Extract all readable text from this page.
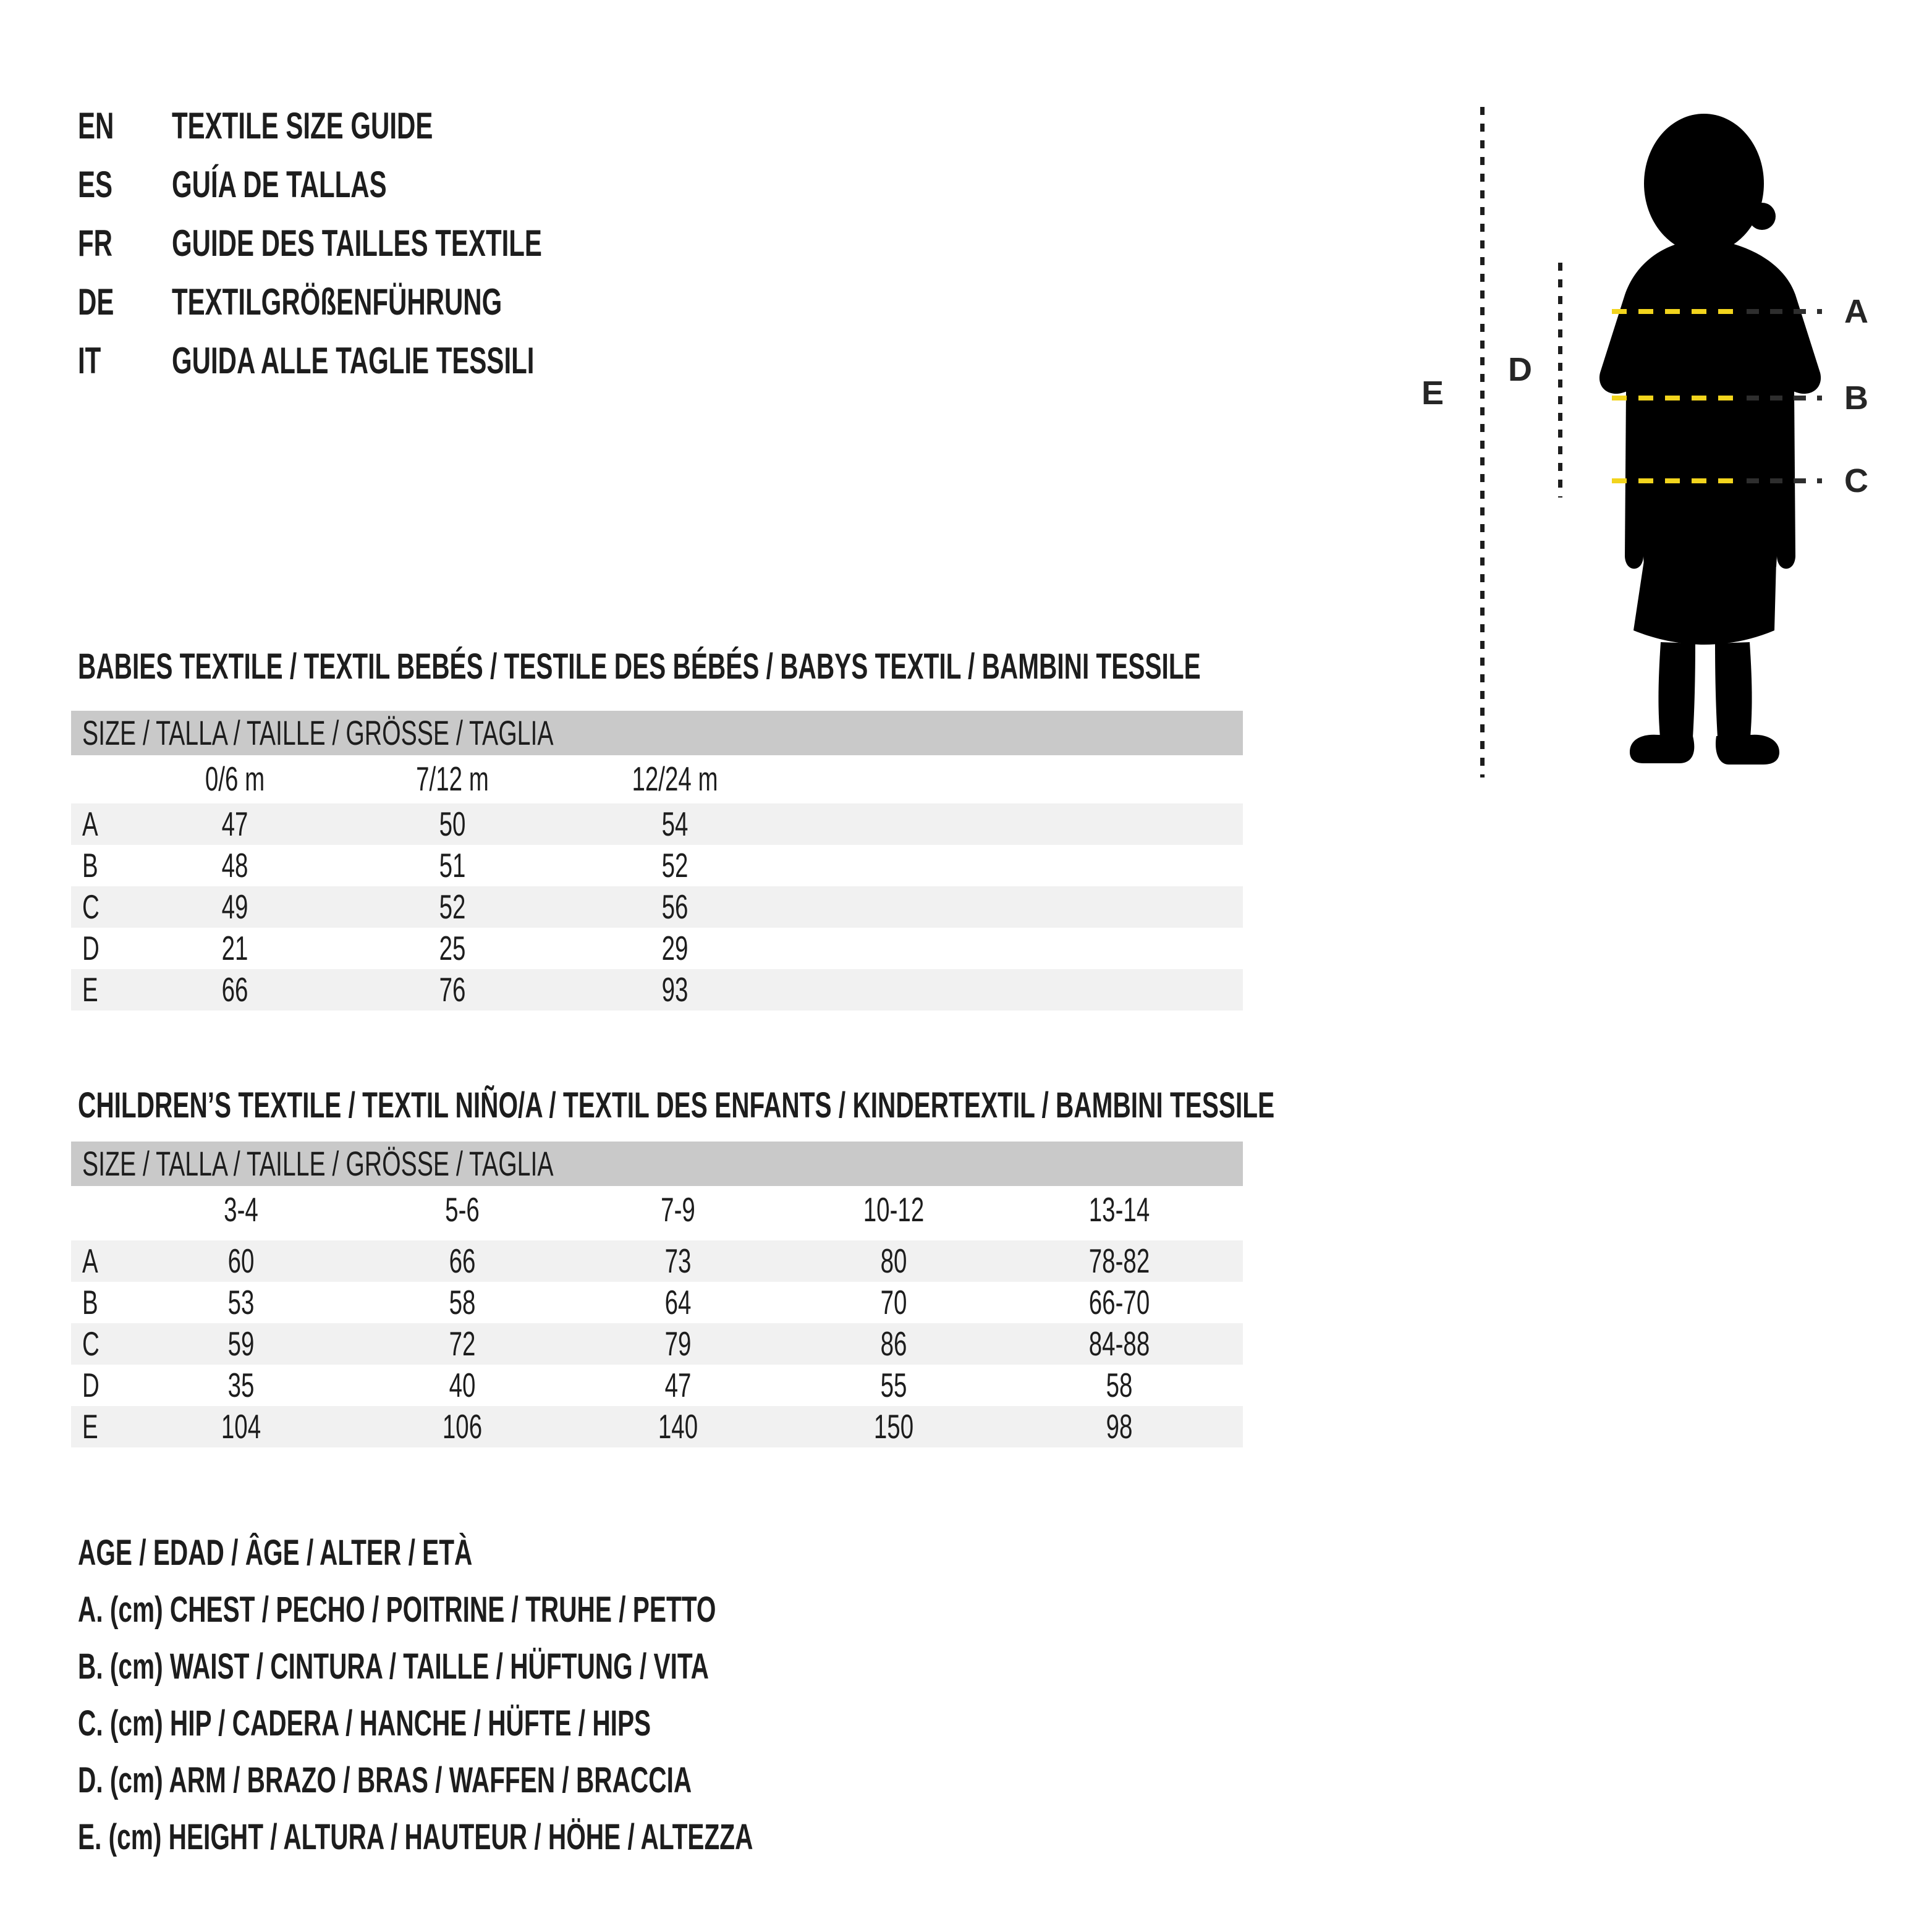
EN	TEXTILE SIZE GUIDE
ES	GUÍA DE TALLAS
FR	GUIDE DES TAILLES TEXTILE
DE	TEXTILGRÖßENFÜHRUNG
IT GUIDA ALLE TAGLIE TESSILI
E
D
A
B
C
BABIES TEXTILE / TEXTIL BEBÉS / TESTILE DES BÉBÉS / BABYS TEXTIL / BAMBINI TESSILE
SIZE / TALLA / TAILLE / GRÖSSE / TAGLIA
0/6 m	7/12 m	12/24 m
A	47	50	54
B	48	51	52
C	49	52	56
D	21	25	29
E	66	76	93
CHILDREN’S TEXTILE / TEXTIL NIÑO/A / TEXTIL DES ENFANTS / KINDERTEXTIL / BAMBINI TESSILE
SIZE / TALLA / TAILLE / GRÖSSE / TAGLIA
3-4	5-6	7-9	10-12	13-14
A	60	66	73	80	78-82
B	53	58	64	70	66-70
C	59	72	79	86	84-88
D	35	40	47	55	58
E	104	106	140	150	98
AGE / EDAD / ÂGE / ALTER / ETÀ
A. (cm) CHEST / PECHO / POITRINE / TRUHE / PETTO
B. (cm) WAIST / CINTURA / TAILLE / HÜFTUNG / VITA
C. (cm) HIP / CADERA / HANCHE / HÜFTE / HIPS
D. (cm) ARM / BRAZO / BRAS / WAFFEN / BRACCIA
E. (cm) HEIGHT / ALTURA / HAUTEUR / HÖHE / ALTEZZA
